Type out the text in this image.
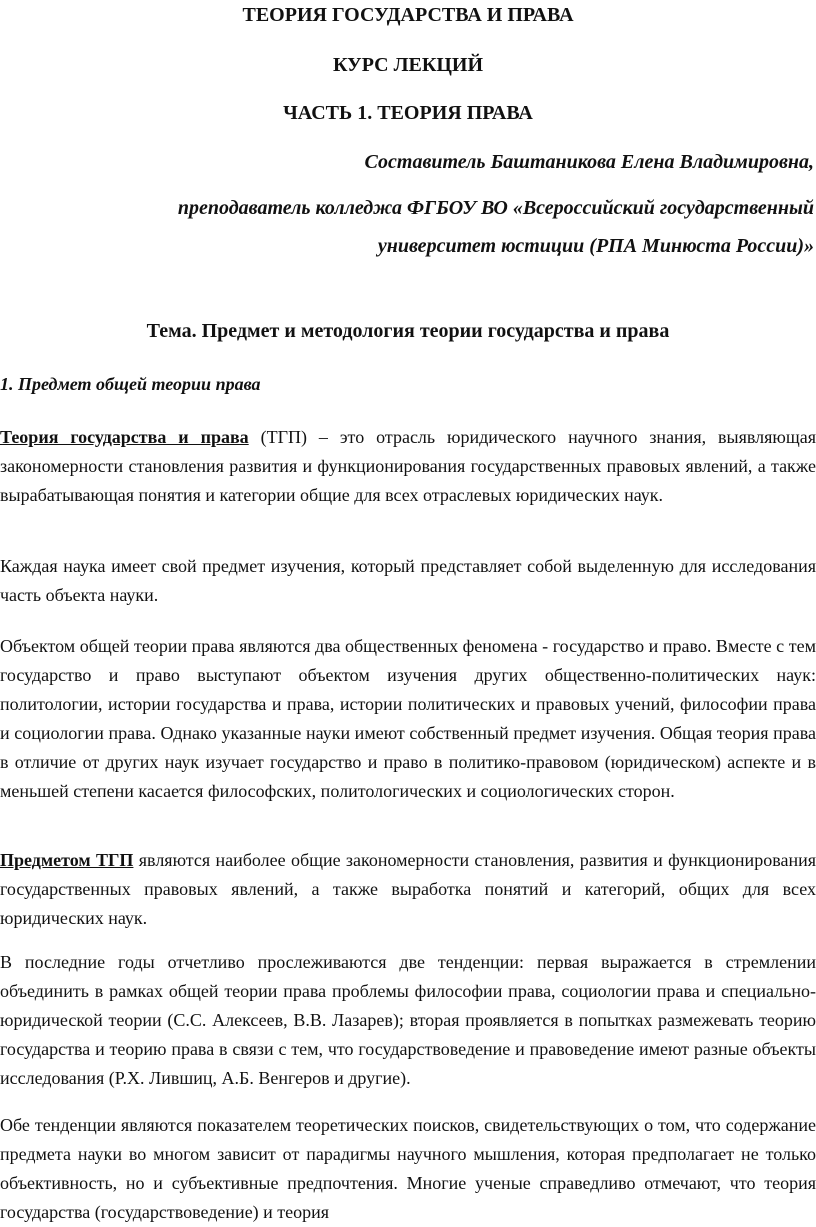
ТЕОРИЯ ГОСУДАРСТВА И ПРАВА
КУРС ЛЕКЦИЙ
ЧАСТЬ 1. ТЕОРИЯ ПРАВА
Составитель Баштаникова Елена Владимировна,
преподаватель колледжа ФГБОУ ВО «Всероссийский государственный
университет юстиции (РПА Минюста России)»
Тема. Предмет и методология теории государства и права
1. Предмет общей теории права
Теория государства и права (ТГП) – это отрасль юридического научного знания, выявляющая закономерности становления развития и функционирования государственных правовых явлений, а также вырабатывающая понятия и категории общие для всех отраслевых юридических наук.
Каждая наука имеет свой предмет изучения, который представляет собой выделенную для исследования часть объекта науки.
Объектом общей теории права являются два общественных феномена - государство и право. Вместе с тем государство и право выступают объектом изучения других общественно-политических наук: политологии, истории государства и права, истории политических и правовых учений, философии права и социологии права. Однако указанные науки имеют собственный предмет изучения. Общая теория права в отличие от других наук изучает государство и право в политико-правовом (юридическом) аспекте и в меньшей степени касается философских, политологических и социологических сторон.
Предметом ТГП являются наиболее общие закономерности становления, развития и функционирования государственных правовых явлений, а также выработка понятий и категорий, общих для всех юридических наук.
В последние годы отчетливо прослеживаются две тенденции: первая выражается в стремлении объединить в рамках общей теории права проблемы философии права, социологии права и специально-юридической теории (С.С. Алексеев, В.В. Лазарев); вторая проявляется в попытках размежевать теорию государства и теорию права в связи с тем, что государствоведение и правоведение имеют разные объекты исследования (Р.Х. Лившиц, А.Б. Венгеров и другие).
Обе тенденции являются показателем теоретических поисков, свидетельствующих о том, что содержание предмета науки во многом зависит от парадигмы научного мышления, которая предполагает не только объективность, но и субъективные предпочтения. Многие ученые справедливо отмечают, что теория государства (государствоведение) и теория
